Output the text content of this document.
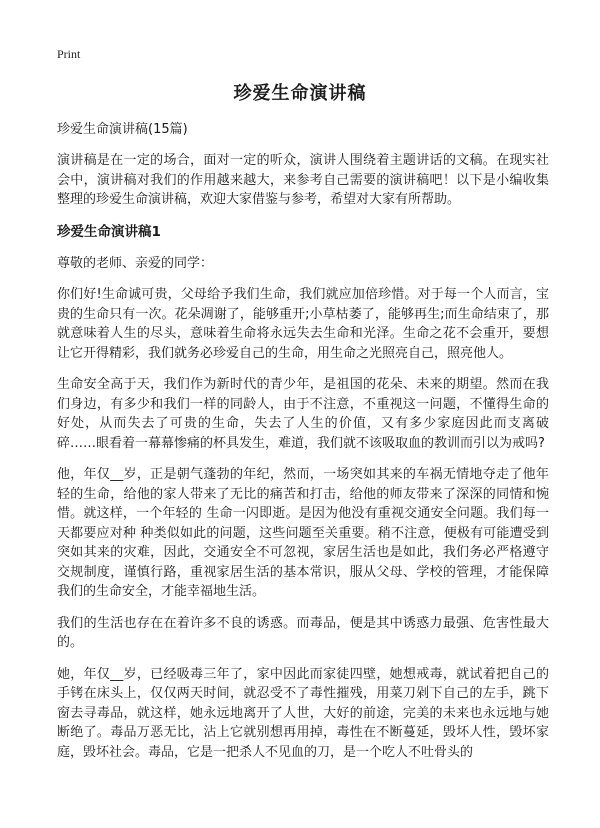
Print
珍爱生命演讲稿

珍爱生命演讲稿(15篇)

演讲稿是在一定的场合，面对一定的听众，演讲人围绕着主题讲话的文稿。在现实社会中，演讲稿对我们的作用越来越大，来参考自己需要的演讲稿吧！以下是小编收集整理的珍爱生命演讲稿，欢迎大家借鉴与参考，希望对大家有所帮助。

珍爱生命演讲稿1

尊敬的老师、亲爱的同学：

你们好!生命诚可贵，父母给予我们生命，我们就应加倍珍惜。对于每一个人而言，宝贵的生命只有一次。花朵凋谢了，能够重开;小草枯萎了，能够再生;而生命结束了，那就意味着人生的尽头，意味着生命将永远失去生命和光泽。生命之花不会重开，要想让它开得精彩，我们就务必珍爱自己的生命，用生命之光照亮自己，照亮他人。

生命安全高于天，我们作为新时代的青少年，是祖国的花朵、未来的期望。然而在我们身边，有多少和我们一样的同龄人，由于不注意，不重视这一问题，不懂得生命的好处，从而失去了可贵的生命，失去了人生的价值，又有多少家庭因此而支离破碎……眼看着一幕幕惨痛的杯具发生，难道，我们就不该吸取血的教训而引以为戒吗?

他，年仅__岁，正是朝气蓬勃的年纪，然而，一场突如其来的车祸无情地夺走了他年轻的生命，给他的家人带来了无比的痛苦和打击，给他的师友带来了深深的同情和惋惜。就这样，一个年轻的 生命一闪即逝。是因为他没有重视交通安全问题。我们每一天都要应对种 种类似如此的问题，这些问题至关重要。稍不注意，便极有可能遭受到突如其来的灾难，因此，交通安全不可忽视，家居生活也是如此，我们务必严格遵守交规制度，谨慎行路，重视家居生活的基本常识，服从父母、学校的管理，才能保障我们的生命安全，才能幸福地生活。

我们的生活也存在在着许多不良的诱惑。而毒品，便是其中诱惑力最强、危害性最大的。

她，年仅__岁，已经吸毒三年了，家中因此而家徒四壁，她想戒毒，就试着把自己的手铐在床头上，仅仅两天时间，就忍受不了毒性摧残，用菜刀剁下自己的左手，跳下窗去寻毒品，就这样，她永远地离开了人世，大好的前途，完美的未来也永远地与她断绝了。毒品万恶无比，沾上它就别想再用掉，毒性在不断蔓延，毁坏人性，毁坏家庭，毁坏社会。毒品，它是一把杀人不见血的刀，是一个吃人不吐骨头的
